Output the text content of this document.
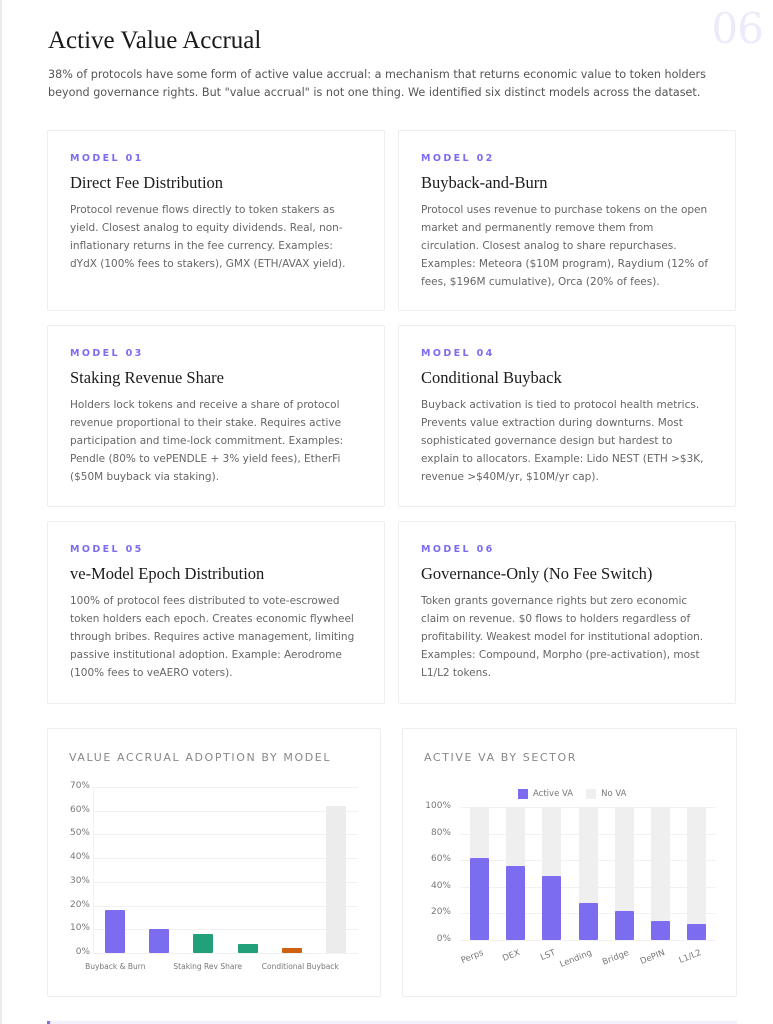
06
Active Value Accrual

38% of protocols have some form of active value accrual: a mechanism that returns economic value to token holders beyond governance rights. But "value accrual" is not one thing. We identified six distinct models across the dataset.

MODEL 01
Direct Fee Distribution
Protocol revenue flows directly to token stakers as yield. Closest analog to equity dividends. Real, non-inflationary returns in the fee currency. Examples: dYdX (100% fees to stakers), GMX (ETH/AVAX yield).
MODEL 02
Buyback-and-Burn
Protocol uses revenue to purchase tokens on the open market and permanently remove them from circulation. Closest analog to share repurchases. Examples: Meteora ($10M program), Raydium (12% of fees, $196M cumulative), Orca (20% of fees).
MODEL 03
Staking Revenue Share
Holders lock tokens and receive a share of protocol revenue proportional to their stake. Requires active participation and time-lock commitment. Examples: Pendle (80% to vePENDLE + 3% yield fees), EtherFi ($50M buyback via staking).
MODEL 04
Conditional Buyback
Buyback activation is tied to protocol health metrics. Prevents value extraction during downturns. Most sophisticated governance design but hardest to explain to allocators. Example: Lido NEST (ETH >$3K, revenue >$40M/yr, $10M/yr cap).
MODEL 05
ve-Model Epoch Distribution
100% of protocol fees distributed to vote-escrowed token holders each epoch. Creates economic flywheel through bribes. Requires active management, limiting passive institutional adoption. Example: Aerodrome (100% fees to veAERO voters).
MODEL 06
Governance-Only (No Fee Switch)
Token grants governance rights but zero economic claim on revenue. $0 flows to holders regardless of profitability. Weakest model for institutional adoption. Examples: Compound, Morpho (pre-activation), most L1/L2 tokens.
VALUE ACCRUAL ADOPTION BY MODEL
0%
10%
20%
30%
40%
50%
60%
70%
Buyback & Burn	Staking Rev Share	Conditional Buyback
ACTIVE VA BY SECTOR
Active VA	No VA
0%
20%
40%
60%
80%
100%
Perps DEX LST Lending Bridge DePIN L1/L2
